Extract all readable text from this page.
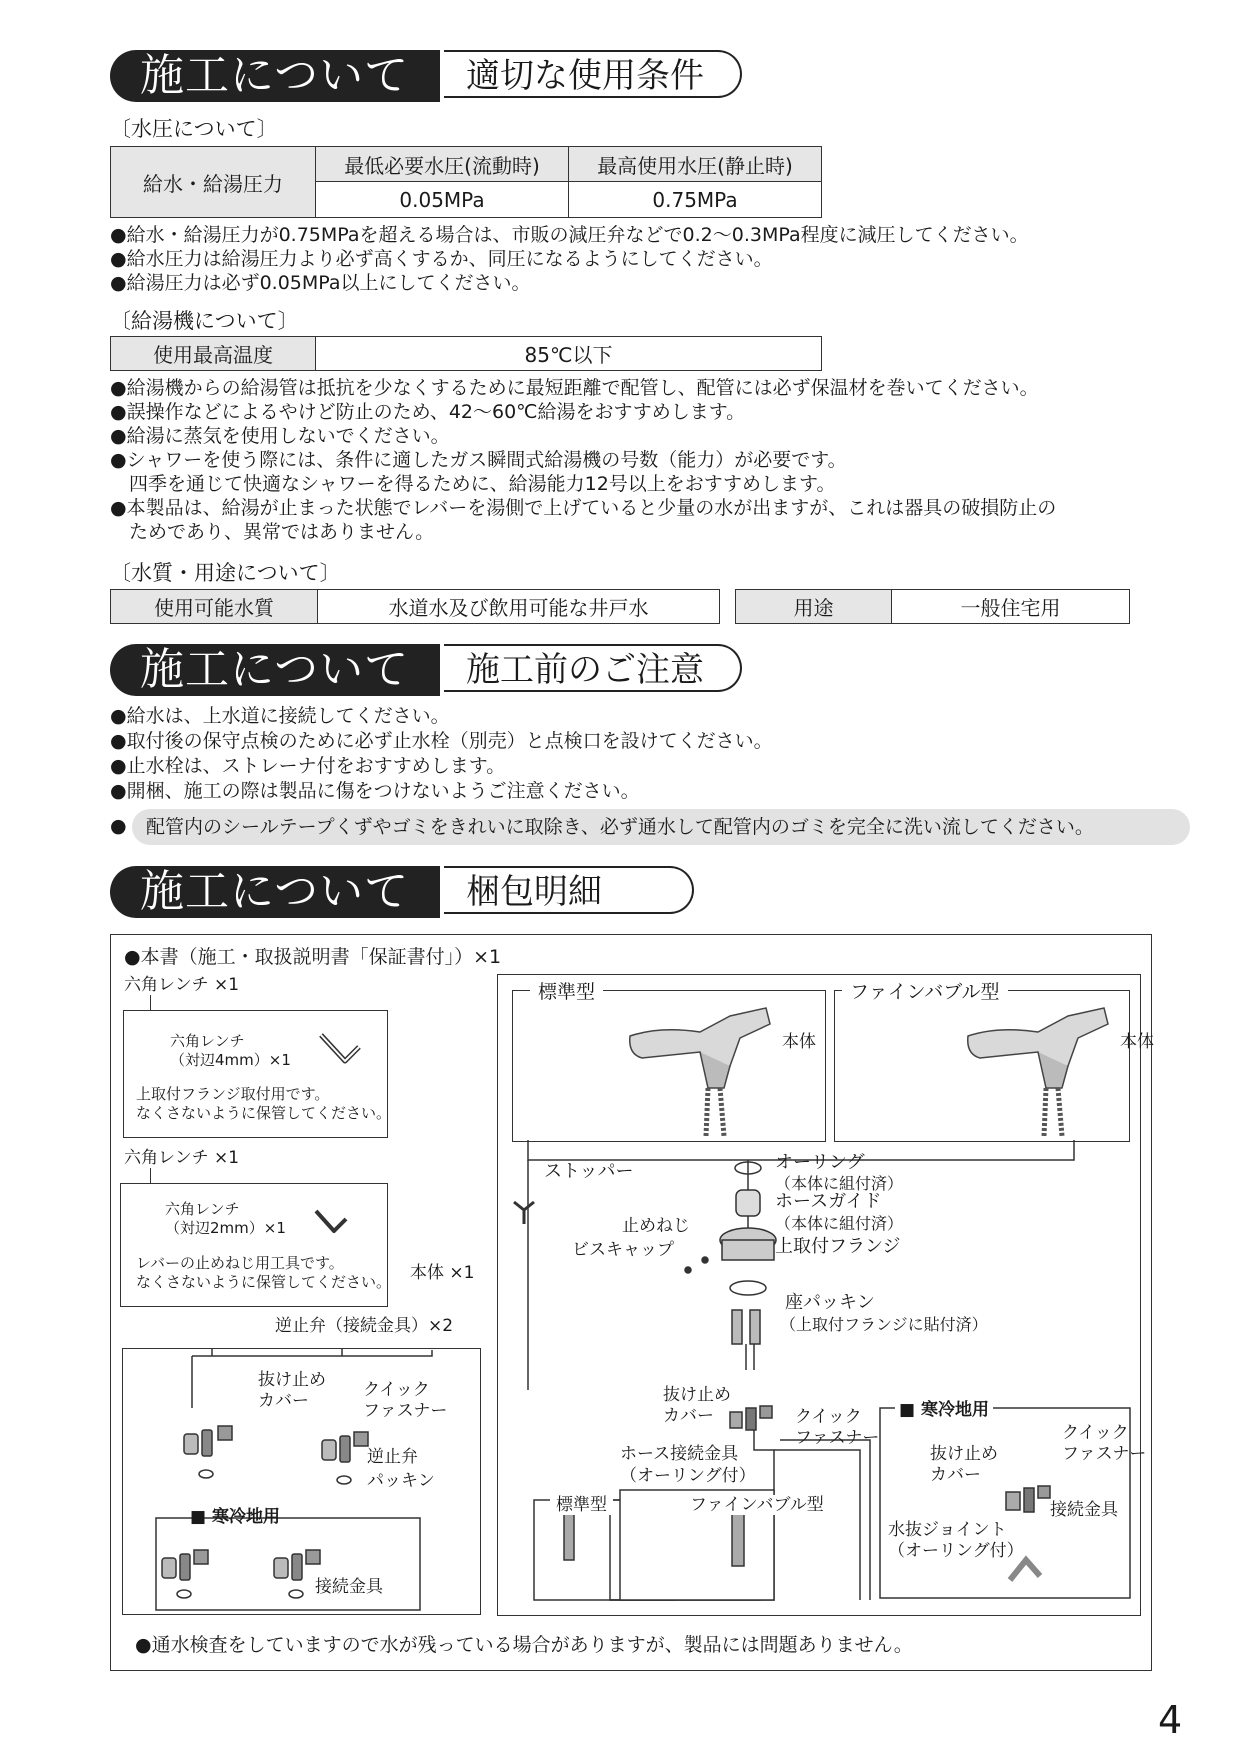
施工について	適切な使用条件
〔水圧について〕
給水・給湯圧力	最低必要水圧(流動時)	最高使用水圧(静止時)
	0.05MPa	0.75MPa
●給水・給湯圧力が0.75MPaを超える場合は、市販の減圧弁などで0.2～0.3MPa程度に減圧してください。
●給水圧力は給湯圧力より必ず高くするか、同圧になるようにしてください。
●給湯圧力は必ず0.05MPa以上にしてください。
〔給湯機について〕
使用最高温度	85℃以下
●給湯機からの給湯管は抵抗を少なくするために最短距離で配管し、配管には必ず保温材を巻いてください。
●誤操作などによるやけど防止のため、42～60℃給湯をおすすめします。
●給湯に蒸気を使用しないでください。
●シャワーを使う際には、条件に適したガス瞬間式給湯機の号数（能力）が必要です。
　四季を通じて快適なシャワーを得るために、給湯能力12号以上をおすすめします。
●本製品は、給湯が止まった状態でレバーを湯側で上げていると少量の水が出ますが、これは器具の破損防止の
　ためであり、異常ではありません。
〔水質・用途について〕
使用可能水質	水道水及び飲用可能な井戸水	用途	一般住宅用
施工について	施工前のご注意
●給水は、上水道に接続してください。
●取付後の保守点検のために必ず止水栓（別売）と点検口を設けてください。
●止水栓は、ストレーナ付をおすすめします。
●開梱、施工の際は製品に傷をつけないようご注意ください。
●	配管内のシールテープくずやゴミをきれいに取除き、必ず通水して配管内のゴミを完全に洗い流してください。
施工について	梱包明細
●本書（施工・取扱説明書「保証書付」）×1
六角レンチ ×1
六角レンチ
（対辺4mm）×1
上取付フランジ取付用です。
なくさないように保管してください。
六角レンチ ×1
六角レンチ
（対辺2mm）×1
レバーの止めねじ用工具です。
なくさないように保管してください。
逆止弁（接続金具）×2
抜け止め
カバー
クイック
ファスナー
逆止弁
パッキン
■ 寒冷地用
接続金具
本体 ×1
標準型	ファインバブル型
本体	本体
ストッパー	オーリング
（本体に組付済）
ホースガイド
（本体に組付済）
止めねじ
ビスキャップ	上取付フランジ
座パッキン
（上取付フランジに貼付済）
抜け止め
カバー	クイック
ファスナー
ホース接続金具
（オーリング付）
標準型	ファインバブル型
■ 寒冷地用
クイック
ファスナー
抜け止め
カバー
接続金具
水抜ジョイント
（オーリング付）
●通水検査をしていますので水が残っている場合がありますが、製品には問題ありません。
4
